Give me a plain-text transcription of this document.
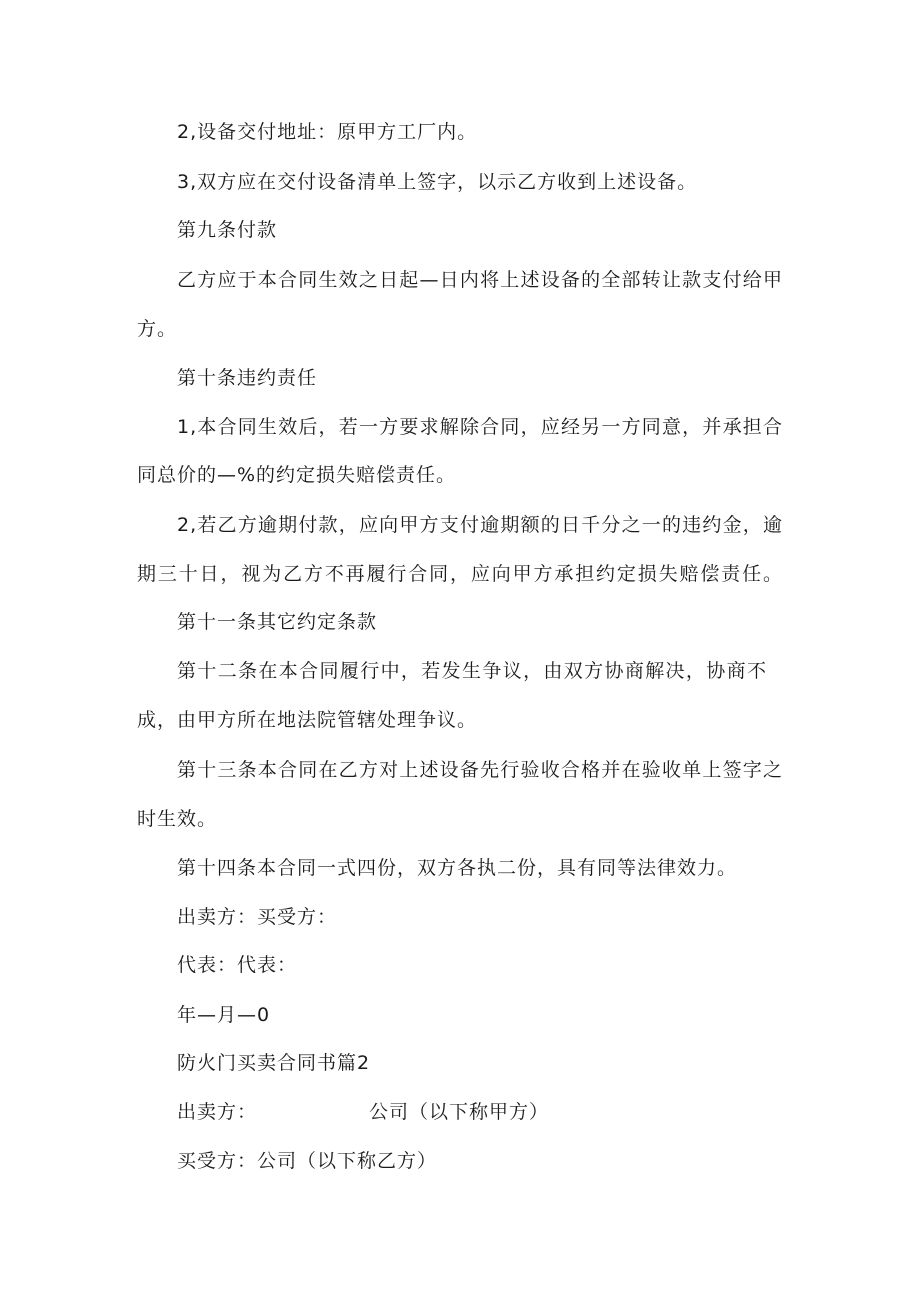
2,设备交付地址：原甲方工厂内。
3,双方应在交付设备清单上签字，以示乙方收到上述设备。
第九条付款
乙方应于本合同生效之日起—日内将上述设备的全部转让款支付给甲
方。
第十条违约责任
1,本合同生效后，若一方要求解除合同，应经另一方同意，并承担合
同总价的—%的约定损失赔偿责任。
2,若乙方逾期付款，应向甲方支付逾期额的日千分之一的违约金，逾
期三十日，视为乙方不再履行合同，应向甲方承担约定损失赔偿责任。
第十一条其它约定条款
第十二条在本合同履行中，若发生争议，由双方协商解决，协商不
成，由甲方所在地法院管辖处理争议。
第十三条本合同在乙方对上述设备先行验收合格并在验收单上签字之
时生效。
第十四条本合同一式四份，双方各执二份，具有同等法律效力。
出卖方：买受方：
代表：代表：
年—月—0
防火门买卖合同书篇2
出卖方：	公司（以下称甲方）
买受方：公司（以下称乙方）
